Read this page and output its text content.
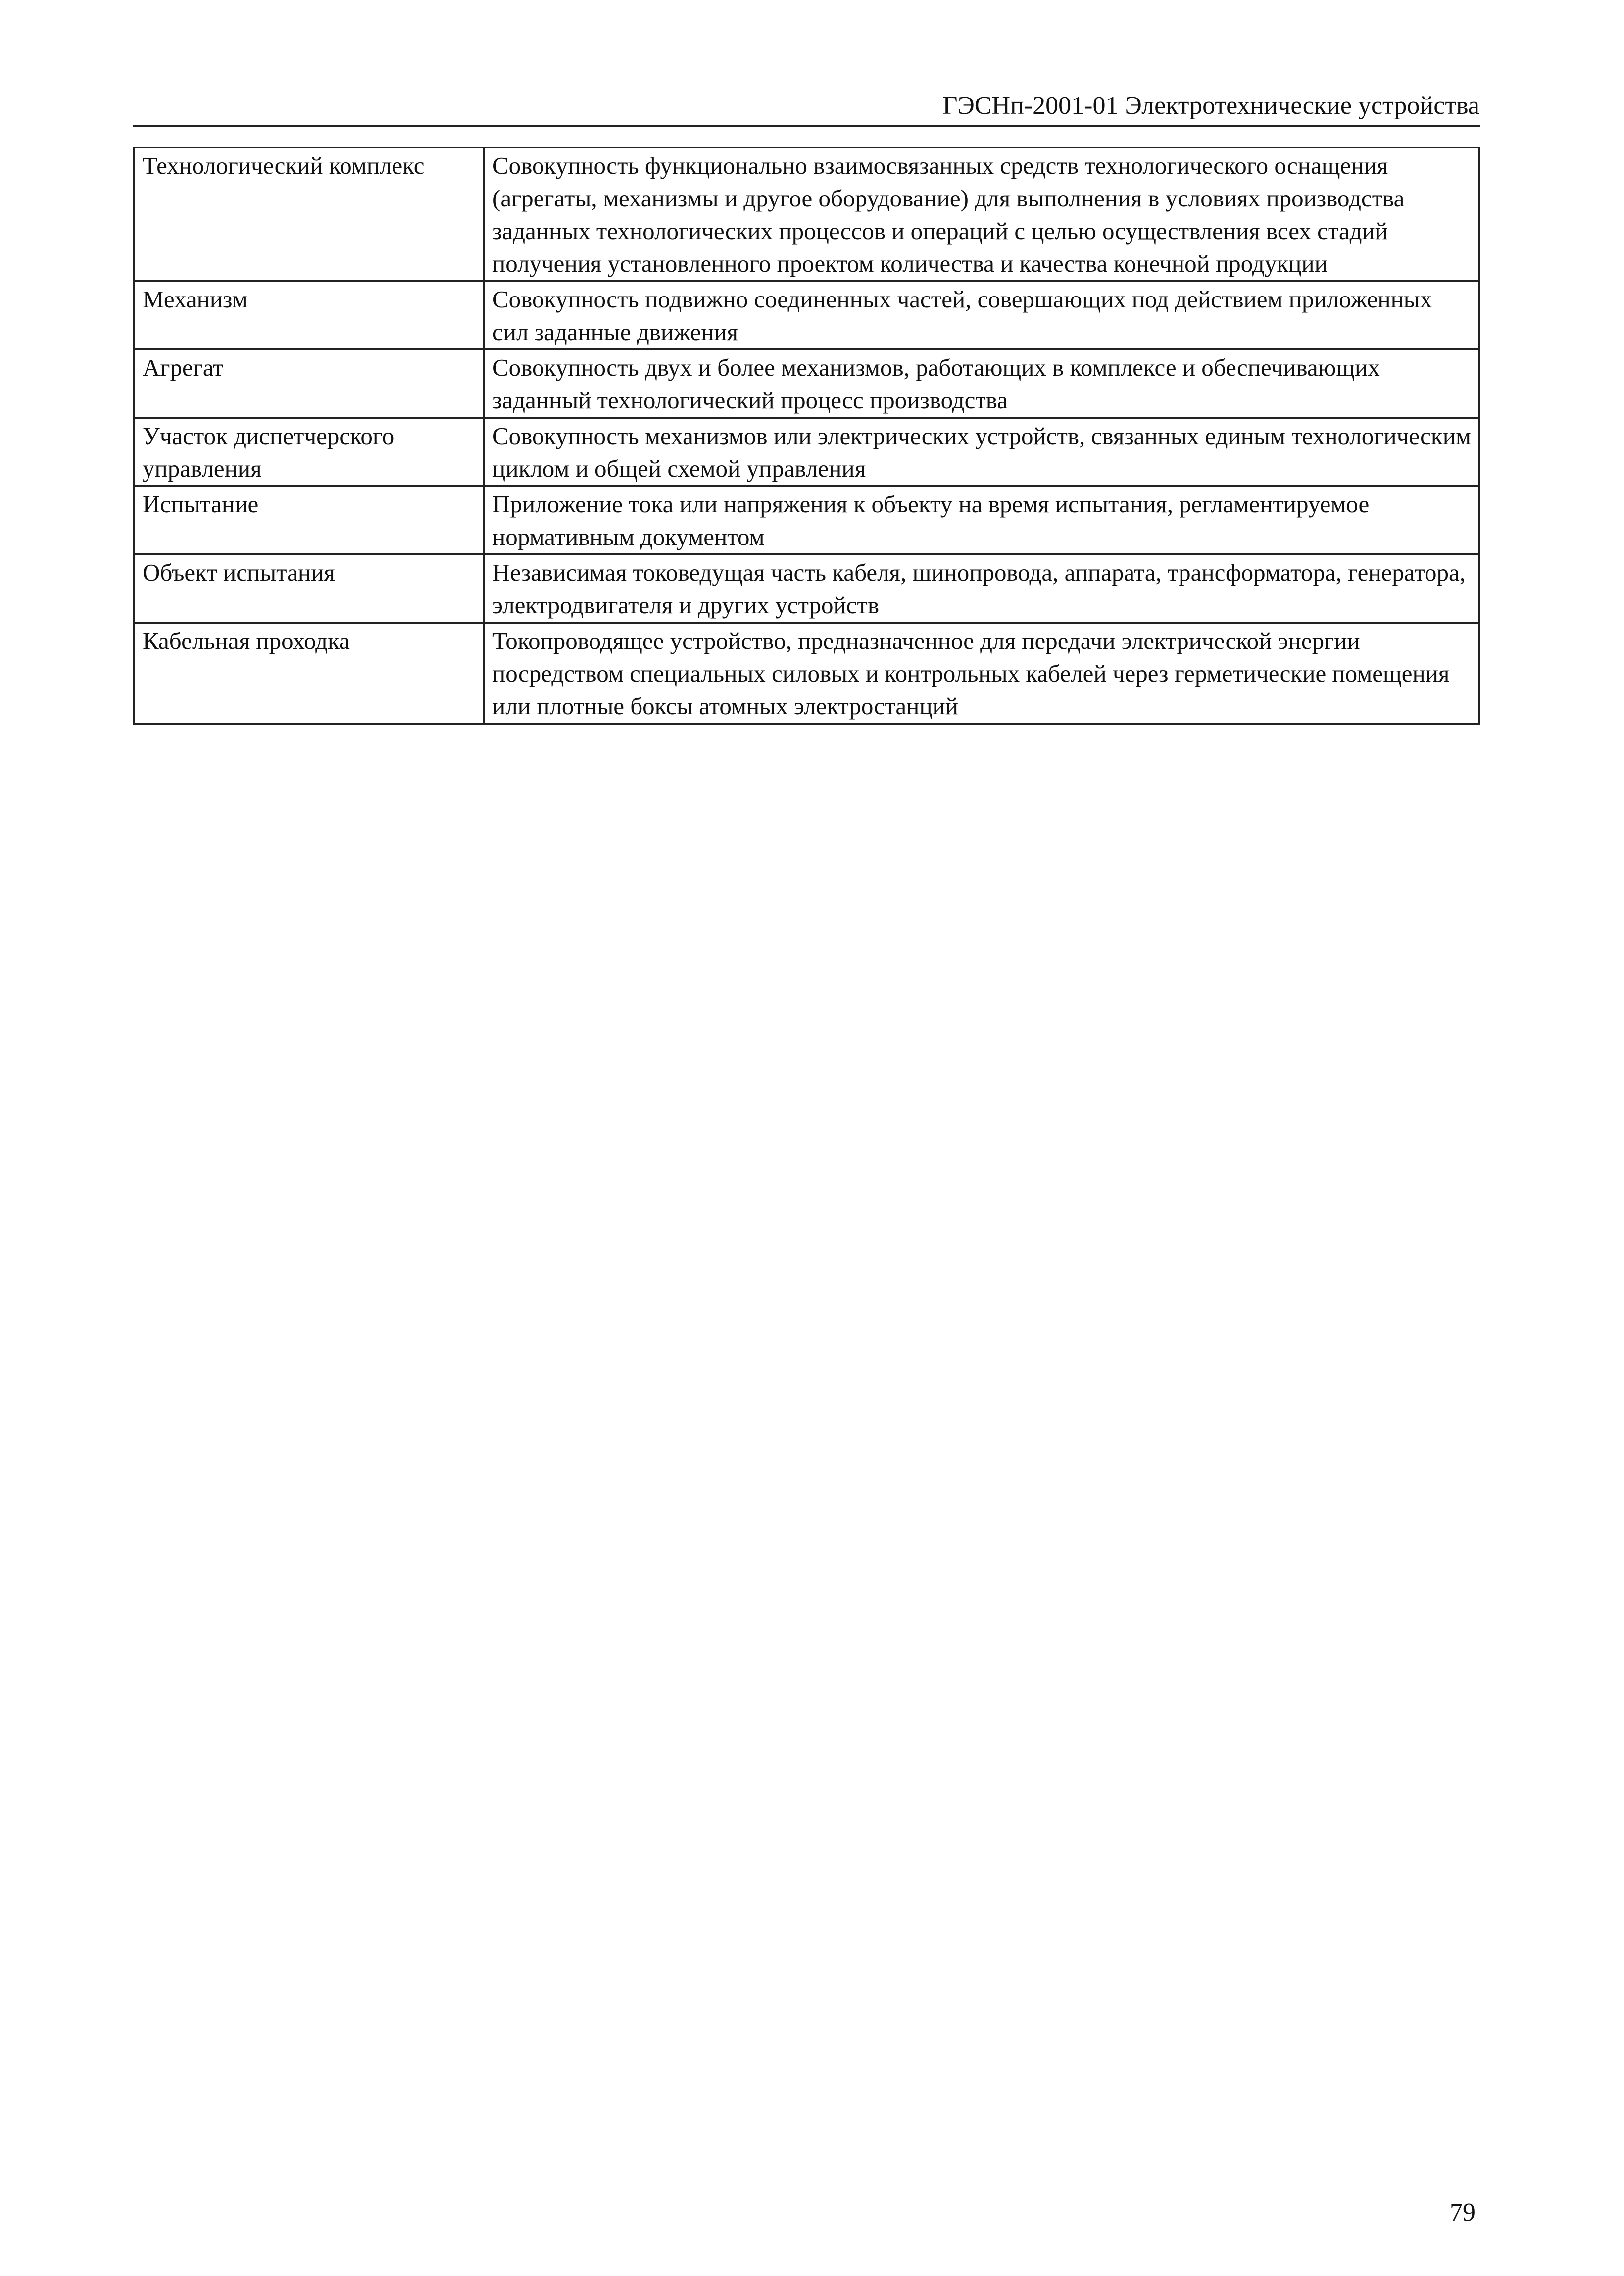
ГЭСНп-2001-01 Электротехнические устройства
Технологический комплекс	Совокупность функционально взаимосвязанных средств технологического оснащения (агрегаты, механизмы и другое оборудование) для выполнения в условиях производства заданных технологических процессов и операций с целью осуществления всех стадий получения установленного проектом количества и качества конечной продукции
Механизм	Совокупность подвижно соединенных частей, совершающих под действием приложенных сил заданные движения
Агрегат	Совокупность двух и более механизмов, работающих в комплексе и обеспечивающих заданный технологический процесс производства
Участок диспетчерского управления	Совокупность механизмов или электрических устройств, связанных единым технологическим циклом и общей схемой управления
Испытание	Приложение тока или напряжения к объекту на время испытания, регламентируемое нормативным документом
Объект испытания	Независимая токоведущая часть кабеля, шинопровода, аппарата, трансформатора, генератора, электродвигателя и других устройств
Кабельная проходка	Токопроводящее устройство, предназначенное для передачи электрической энергии посредством специальных силовых и контрольных кабелей через герметические помещения или плотные боксы атомных электростанций
79
